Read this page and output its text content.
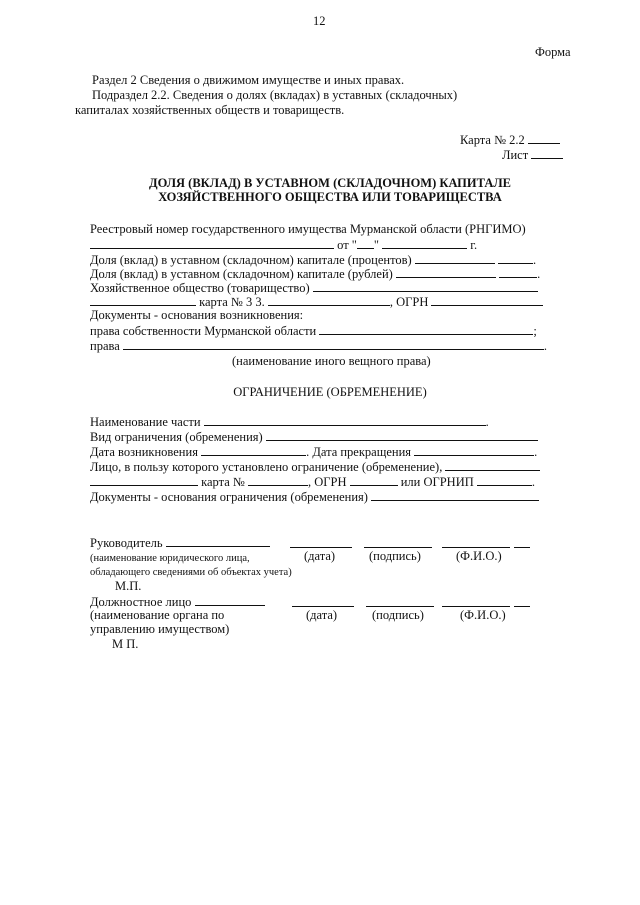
12
Форма
Раздел 2 Сведения о движимом имуществе и иных правах.
Подраздел 2.2. Сведения о долях (вкладах) в уставных (складочных)
капиталах хозяйственных обществ и товариществ.
Карта № 2.2
Лист
ДОЛЯ (ВКЛАД) В УСТАВНОМ (СКЛАДОЧНОМ) КАПИТАЛЕ
ХОЗЯЙСТВЕННОГО ОБЩЕСТВА ИЛИ ТОВАРИЩЕСТВА
Реестровый номер государственного имущества Мурманской области (РНГИМО)
от " "	г.
Доля (вклад) в уставном (складочном) капитале (процентов)	.
Доля (вклад) в уставном (складочном) капитале (рублей)	.
Хозяйственное общество (товарищество)
карта № 3 3.	, ОГРН
Документы - основания возникновения:
права собственности Мурманской области	;
права	.
(наименование иного вещного права)
ОГРАНИЧЕНИЕ (ОБРЕМЕНЕНИЕ)
Наименование части	.
Вид ограничения (обременения)
Дата возникновения	. Дата прекращения	.
Лицо, в пользу которого установлено ограничение (обременение),
карта №	, ОГРН	или ОГРНИП	.
Документы - основания ограничения (обременения)
Руководитель
(дата)	(подпись)	(Ф.И.О.)
(наименование юридического лица,
обладающего сведениями об объектах учета)
М.П.
Должностное лицо
(наименование органа по	(дата)	(подпись)	(Ф.И.О.)
управлению имуществом)
М П.
